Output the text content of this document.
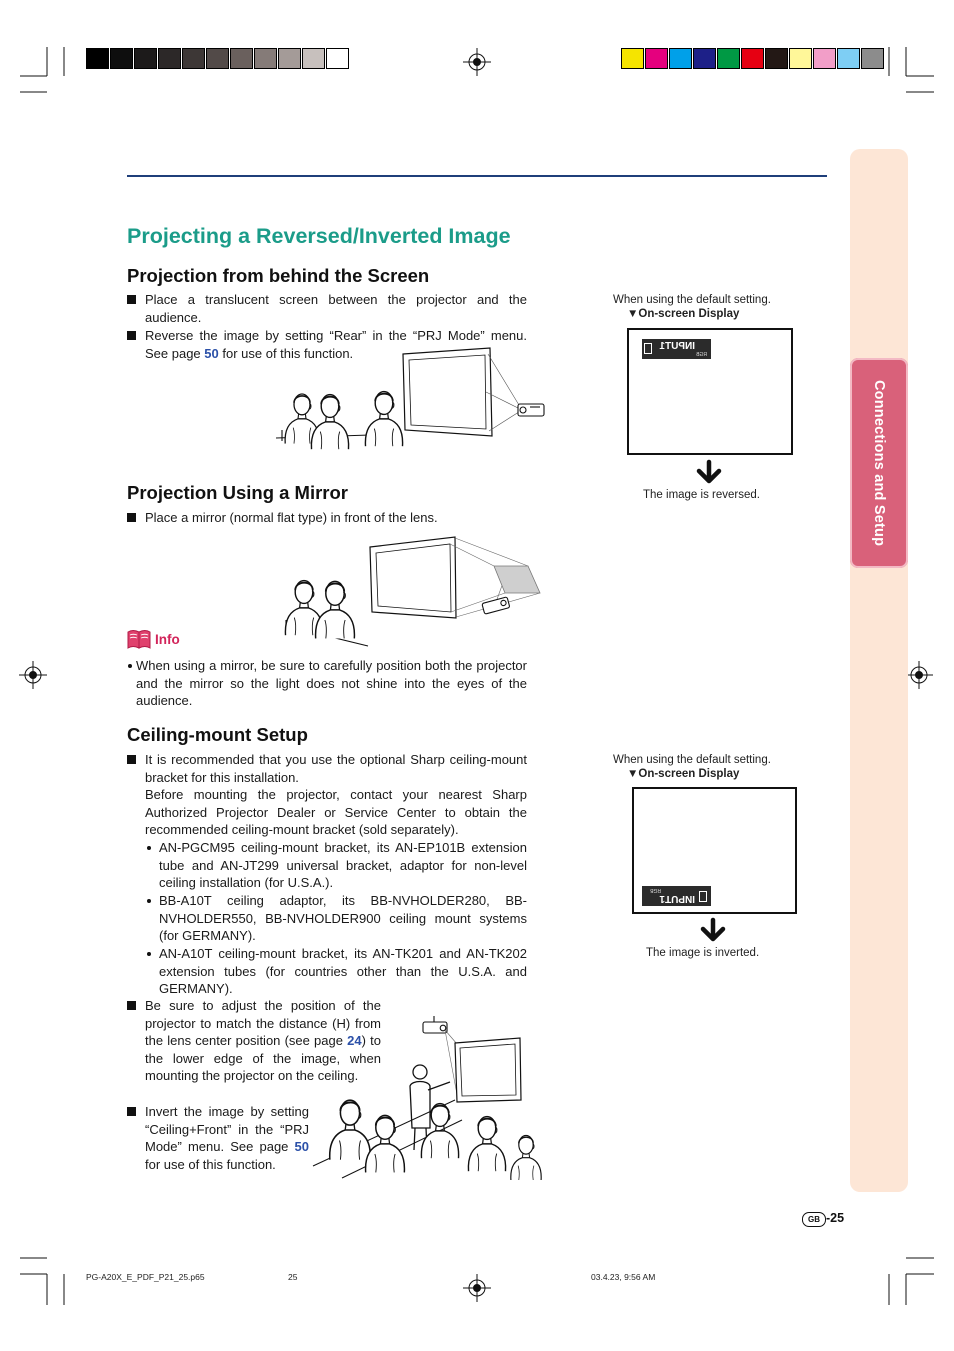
Connections and Setup
Projecting a Reversed/Inverted Image
Projection from behind the Screen
Place a translucent screen between the projector and the audience.
Reverse the image by setting “Rear” in the “PRJ Mode” menu. See page 50 for use of this function.
When using the default setting.
▼On-screen Display
INPUT1
RGB
The image is reversed.
Projection Using a Mirror
Place a mirror (normal flat type) in front of the lens.
Info
When using a mirror, be sure to carefully position both the projector and the mirror so the light does not shine into the eyes of the audience.
Ceiling-mount Setup
It is recommended that you use the optional Sharp ceiling-mount bracket for this installation.
Before mounting the projector, contact your nearest Sharp Authorized Projector Dealer or Service Center to obtain the recommended ceiling-mount bracket (sold separately).
AN-PGCM95 ceiling-mount bracket, its AN-EP101B extension tube and AN-JT299 universal bracket, adaptor for non-level ceiling installation (for U.S.A.).
BB-A10T ceiling adaptor, its BB-NVHOLDER280, BB-NVHOLDER550, BB-NVHOLDER900 ceiling mount systems (for GERMANY).
AN-A10T ceiling-mount bracket, its AN-TK201 and AN-TK202 extension tubes (for countries other than the U.S.A. and GERMANY).
Be sure to adjust the position of the projector to match the distance (H) from the lens center position (see page 24) to the lower edge of the image, when mounting the projector on the ceiling.
Invert the image by setting “Ceiling+Front” in the “PRJ Mode” menu. See page 50 for use of this function.
When using the default setting.
▼On-screen Display
INPUT1
RGB
The image is inverted.
GB -25
PG-A20X_E_PDF_P21_25.p65	25	03.4.23, 9:56 AM
